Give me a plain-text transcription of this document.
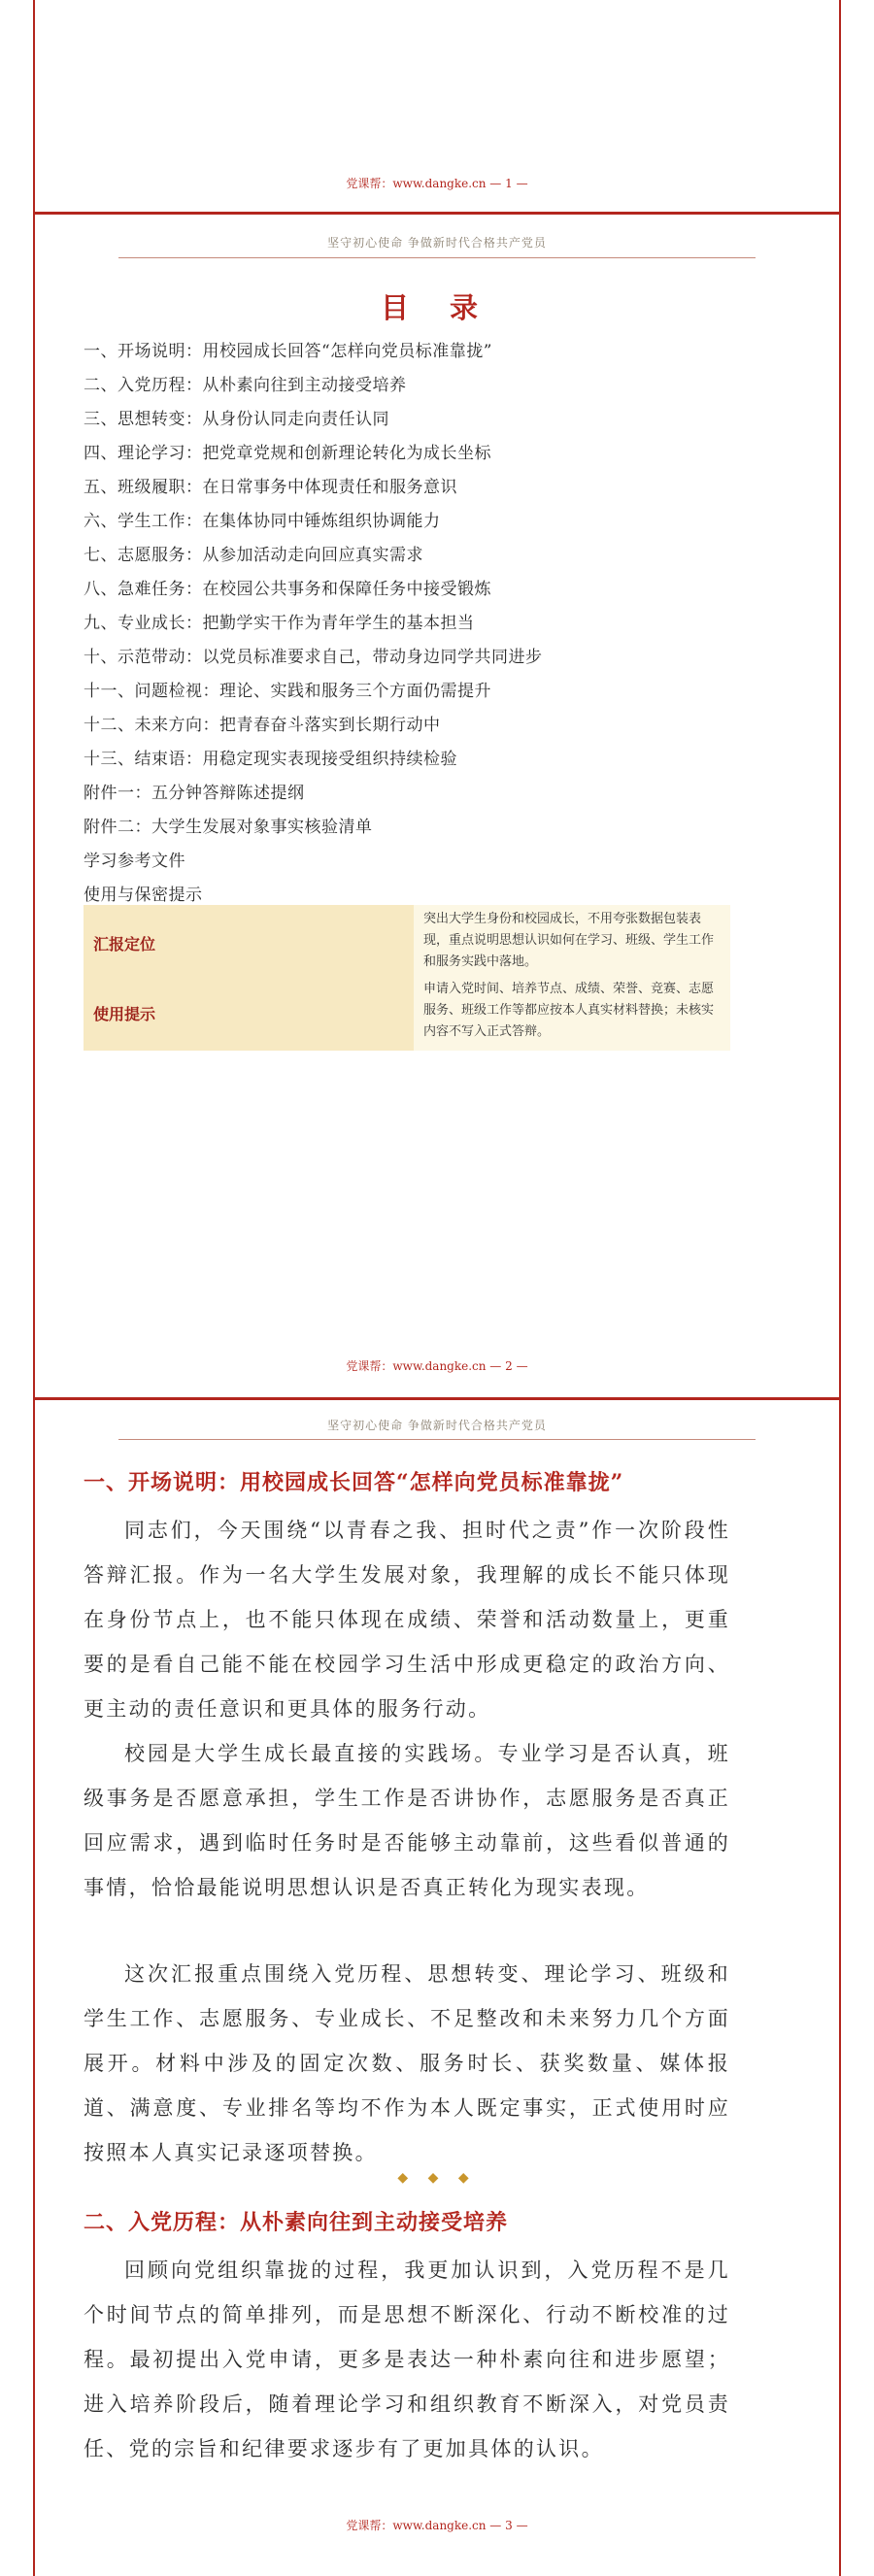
党课帮：www.dangke.cn — 1 —
坚守初心使命 争做新时代合格共产党员
目 录
党课帮：www.dangke.cn — 2 —
一、开场说明：用校园成长回答“怎样向党员标准靠拢”
二、入党历程：从朴素向往到主动接受培养
三、思想转变：从身份认同走向责任认同
四、理论学习：把党章党规和创新理论转化为成长坐标
五、班级履职：在日常事务中体现责任和服务意识
六、学生工作：在集体协同中锤炼组织协调能力
七、志愿服务：从参加活动走向回应真实需求
八、急难任务：在校园公共事务和保障任务中接受锻炼
九、专业成长：把勤学实干作为青年学生的基本担当
十、示范带动：以党员标准要求自己，带动身边同学共同进步
十一、问题检视：理论、实践和服务三个方面仍需提升
十二、未来方向：把青春奋斗落实到长期行动中
十三、结束语：用稳定现实表现接受组织持续检验
附件一：五分钟答辩陈述提纲
附件二：大学生发展对象事实核验清单
学习参考文件
使用与保密提示
汇报定位
使用提示
突出大学生身份和校园成长，不用夸张数据包装表现，重点说明思想认识如何在学习、班级、学生工作和服务实践中落地。
申请入党时间、培养节点、成绩、荣誉、竞赛、志愿服务、班级工作等都应按本人真实材料替换；未核实内容不写入正式答辩。
坚守初心使命 争做新时代合格共产党员
◆ ◆ ◆
党课帮：www.dangke.cn — 3 —
一、开场说明：用校园成长回答“怎样向党员标准靠拢”

同志们，今天围绕“以青春之我、担时代之责”作一次阶段性答辩汇报。作为一名大学生发展对象，我理解的成长不能只体现在身份节点上，也不能只体现在成绩、荣誉和活动数量上，更重要的是看自己能不能在校园学习生活中形成更稳定的政治方向、更主动的责任意识和更具体的服务行动。

校园是大学生成长最直接的实践场。专业学习是否认真，班级事务是否愿意承担，学生工作是否讲协作，志愿服务是否真正回应需求，遇到临时任务时是否能够主动靠前，这些看似普通的事情，恰恰最能说明思想认识是否真正转化为现实表现。

这次汇报重点围绕入党历程、思想转变、理论学习、班级和学生工作、志愿服务、专业成长、不足整改和未来努力几个方面展开。材料中涉及的固定次数、服务时长、获奖数量、媒体报道、满意度、专业排名等均不作为本人既定事实，正式使用时应按照本人真实记录逐项替换。

二、入党历程：从朴素向往到主动接受培养

回顾向党组织靠拢的过程，我更加认识到，入党历程不是几个时间节点的简单排列，而是思想不断深化、行动不断校准的过程。最初提出入党申请，更多是表达一种朴素向往和进步愿望；进入培养阶段后，随着理论学习和组织教育不断深入，对党员责任、党的宗旨和纪律要求逐步有了更加具体的认识。
